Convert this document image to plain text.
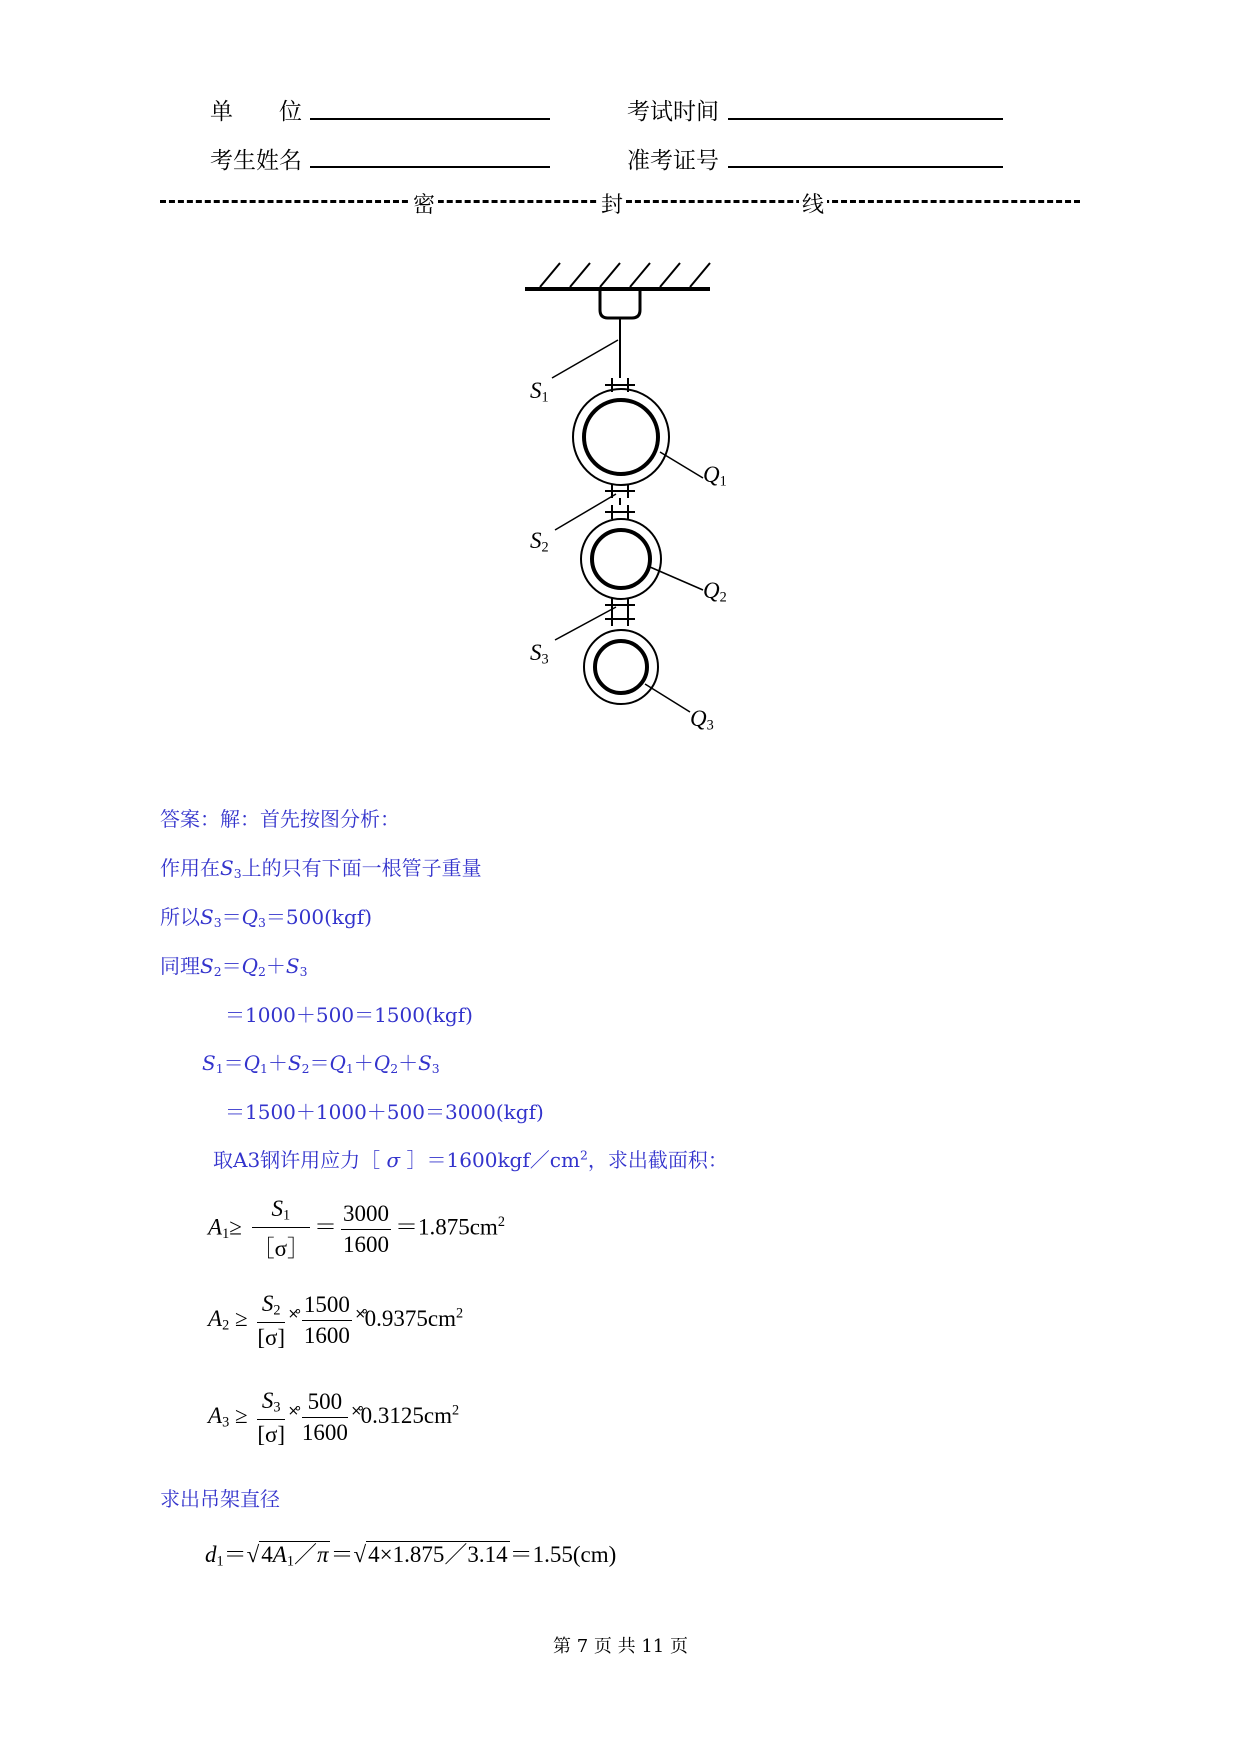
单　　位	考试时间
考生姓名	准考证号
密	封	线
$S_1$
$Q_1$
$S_2$
$Q_2$
$S_3$
$Q_3$
答案：解：首先按图分析：
作用在$S_3$上的只有下面一根管子重量
所以$S_3=Q_3=500(kgf)$
同理$S_2=Q_2+S_3$
＝1000＋500＝1500(kgf)
$S_1=Q_1+S_2=Q_1+Q_2+S_3$
＝1500＋1000＋500＝3000(kgf)
取A3钢许用应力［ σ $]=1600kgf/cm^2$，求出截面积：
$A_1\ge \frac{S_1}{[\sigma]} = \frac{3000}{1600} =1.875cm^2$
$A_2 \ge \frac{S_2}{[\sigma]}$ ˟̊ $\frac{1500}{1600}$ $˟̊0.9375cm^2$
$A_3 \ge \frac{S_3}{[\sigma]}$ ˟̊ $\frac{500}{1600}$ $˟̊0.3125cm^2$
求出吊架直径
$d_1=√4A_1/\pi=√4\times 1.875/3.14=1.55(cm)$
第 7 页 共 11 页
